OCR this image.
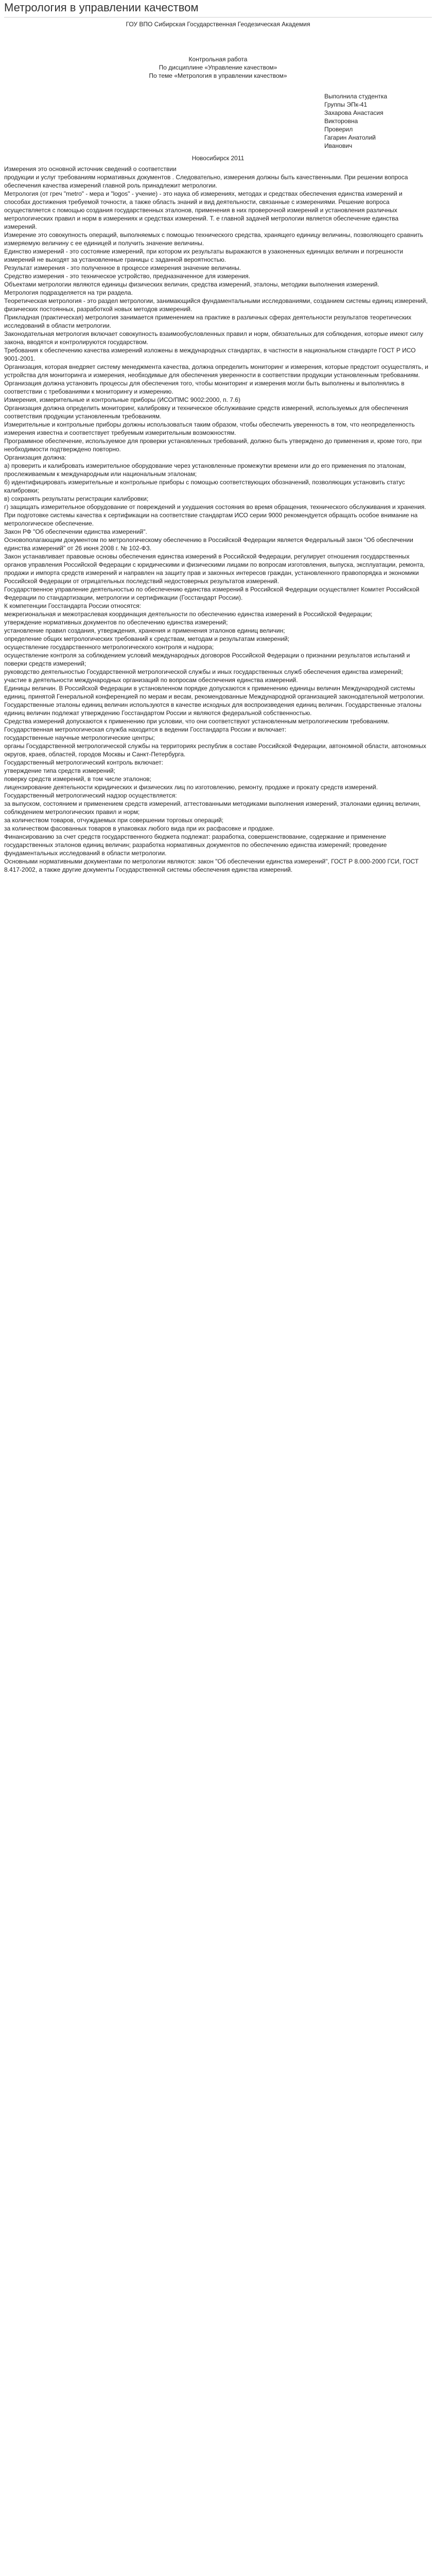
Метрология в управлении качеством
ГОУ ВПО Сибирская Государственная Геодезическая Академия
Контрольная работа
По дисциплине «Управление качеством»
По теме «Метрология в управлении качеством»
Выполнила студентка
Группы ЭПк-41
Захарова Анастасия
Викторовна
Проверил
Гагарин Анатолий
Иванович
Новосибирск 2011

Измерения это основной источник сведений о соответствии

продукции и услуг требованиям нормативных документов . Следовательно, измерения должны быть качественными. При решении вопроса обеспечения качества измерений главной роль принадлежит метрологии.

Метрология (от греч "metro" - мера и "logos" - учение) - это наука об измерениях, методах и средствах обеспечения единства измерений и способах достижения требуемой точности, а также область знаний и вид деятельности, связанные с измерениями. Решение вопроса осуществляется с помощью создания государственных эталонов, применения в них проверочной измерений и установления различных метрологических правил и норм в измерениях и средствах измерений. Т. е главной задачей метрологии является обеспечение единства измерений.

Измерение это совокупность операций, выполняемых с помощью технического средства, хранящего единицу величины, позволяющего сравнить измеряемую величину с ее единицей и получить значение величины.

Единство измерений - это состояние измерений, при котором их результаты выражаются в узаконенных единицах величин и погрешности измерений не выходят за установленные границы с заданной вероятностью.

Результат измерения - это полученное в процессе измерения значение величины.

Средство измерения - это техническое устройство, предназначенное для измерения.

Объектами метрологии являются единицы физических величин, средства измерений, эталоны, методики выполнения измерений.

Метрология подразделяется на три раздела.

Теоретическая метрология - это раздел метрологии, занимающийся фундаментальными исследованиями, созданием системы единиц измерений, физических постоянных, разработкой новых методов измерений.

Прикладная (практическая) метрология занимается применением на практике в различных сферах деятельности результатов теоретических исследований в области метрологии.

Законодательная метрология включает совокупность взаимообусловленных правил и норм, обязательных для соблюдения, которые имеют силу закона, вводятся и контролируются государством.

Требования к обеспечению качества измерений изложены в международных стандартах, в частности в национальном стандарте ГОСТ Р ИСО 9001-2001.

Организация, которая внедряет систему менеджмента качества, должна определить мониторинг и измерения, которые предстоит осуществлять, и устройства для мониторинга и измерения, необходимые для обеспечения уверенности в соответствии продукции установленным требованиям.

Организация должна установить процессы для обеспечения того, чтобы мониторинг и измерения могли быть выполнены и выполнялись в соответствии с требованиями к мониторингу и измерению.

Измерения, измерительные и контрольные приборы (ИСО/ПМС 9002:2000, п. 7.6)

Организация должна определить мониторинг, калибровку и техническое обслуживание средств измерений, используемых для обеспечения соответствия продукции установленным требованиям.

Измерительные и контрольные приборы должны использоваться таким образом, чтобы обеспечить уверенность в том, что неопределенность измерения известна и соответствует требуемым измерительным возможностям.

Программное обеспечение, используемое для проверки установленных требований, должно быть утверждено до применения и, кроме того, при необходимости подтверждено повторно.

Организация должна:

а) проверить и калибровать измерительное оборудование через установленные промежутки времени или до его применения по эталонам, прослеживаемым к международным или национальным эталонам;

б) идентифицировать измерительные и контрольные приборы с помощью соответствующих обозначений, позволяющих установить статус калибровки;

в) сохранять результаты регистрации калибровки;

г) защищать измерительное оборудование от повреждений и ухудшения состояния во время обращения, технического обслуживания и хранения.

При подготовке системы качества к сертификации на соответствие стандартам ИСО серии 9000 рекомендуется обращать особое внимание на метрологическое обеспечение.

Закон РФ "Об обеспечении единства измерений".

Основополагающим документом по метрологическому обеспечению в Российской Федерации является Федеральный закон "Об обеспечении единства измерений" от 26 июня 2008 г. № 102-ФЗ.

Закон устанавливает правовые основы обеспечения единства измерений в Российской Федерации, регулирует отношения государственных органов управления Российской Федерации с юридическими и физическими лицами по вопросам изготовления, выпуска, эксплуатации, ремонта, продажи и импорта средств измерений и направлен на защиту прав и законных интересов граждан, установленного правопорядка и экономики Российской Федерации от отрицательных последствий недостоверных результатов измерений.

Государственное управление деятельностью по обеспечению единства измерений в Российской Федерации осуществляет Комитет Российской Федерации по стандартизации, метрологии и сертификации (Госстандарт России).

К компетенции Госстандарта России относятся:

межрегиональная и межотраслевая координация деятельности по обеспечению единства измерений в Российской Федерации;

утверждение нормативных документов по обеспечению единства измерений;

установление правил создания, утверждения, хранения и применения эталонов единиц величин;

определение общих метрологических требований к средствам, методам и результатам измерений;

осуществление государственного метрологического контроля и надзора;

осуществление контроля за соблюдением условий международных договоров Российской Федерации о признании результатов испытаний и поверки средств измерений;

руководство деятельностью Государственной метрологической службы и иных государственных служб обеспечения единства измерений;

участие в деятельности международных организаций по вопросам обеспечения единства измерений.

Единицы величин. В Российской Федерации в установленном порядке допускаются к применению единицы величин Международной системы единиц, принятой Генеральной конференцией по мерам и весам, рекомендованные Международной организацией законодательной метрологии.

Государственные эталоны единиц величин используются в качестве исходных для воспроизведения единиц величин. Государственные эталоны единиц величин подлежат утверждению Госстандартом России и являются федеральной собственностью.

Средства измерений допускаются к применению при условии, что они соответствуют установленным метрологическим требованиям.

Государственная метрологическая служба находится в ведении Госстандарта России и включает:

государственные научные метрологические центры;

органы Государственной метрологической службы на территориях республик в составе Российской Федерации, автономной области, автономных округов, краев, областей, городов Москвы и Санкт-Петербурга.

Государственный метрологический контроль включает:

утверждение типа средств измерений;

поверку средств измерений, в том числе эталонов;

лицензирование деятельности юридических и физических лиц по изготовлению, ремонту, продаже и прокату средств измерений.

Государственный метрологический надзор осуществляется:

за выпуском, состоянием и применением средств измерений, аттестованными методиками выполнения измерений, эталонами единиц величин, соблюдением метрологических правил и норм;

за количеством товаров, отчуждаемых при совершении торговых операций;

за количеством фасованных товаров в упаковках любого вида при их расфасовке и продаже.

Финансированию за счет средств государственного бюджета подлежат: разработка, совершенствование, содержание и применение государственных эталонов единиц величин; разработка нормативных документов по обеспечению единства измерений; проведение фундаментальных исследований в области метрологии.

Основными нормативными документами по метрологии являются: закон "Об обеспечении единства измерений", ГОСТ Р 8.000-2000 ГСИ, ГОСТ 8.417-2002, а также другие документы Государственной системы обеспечения единства измерений.
